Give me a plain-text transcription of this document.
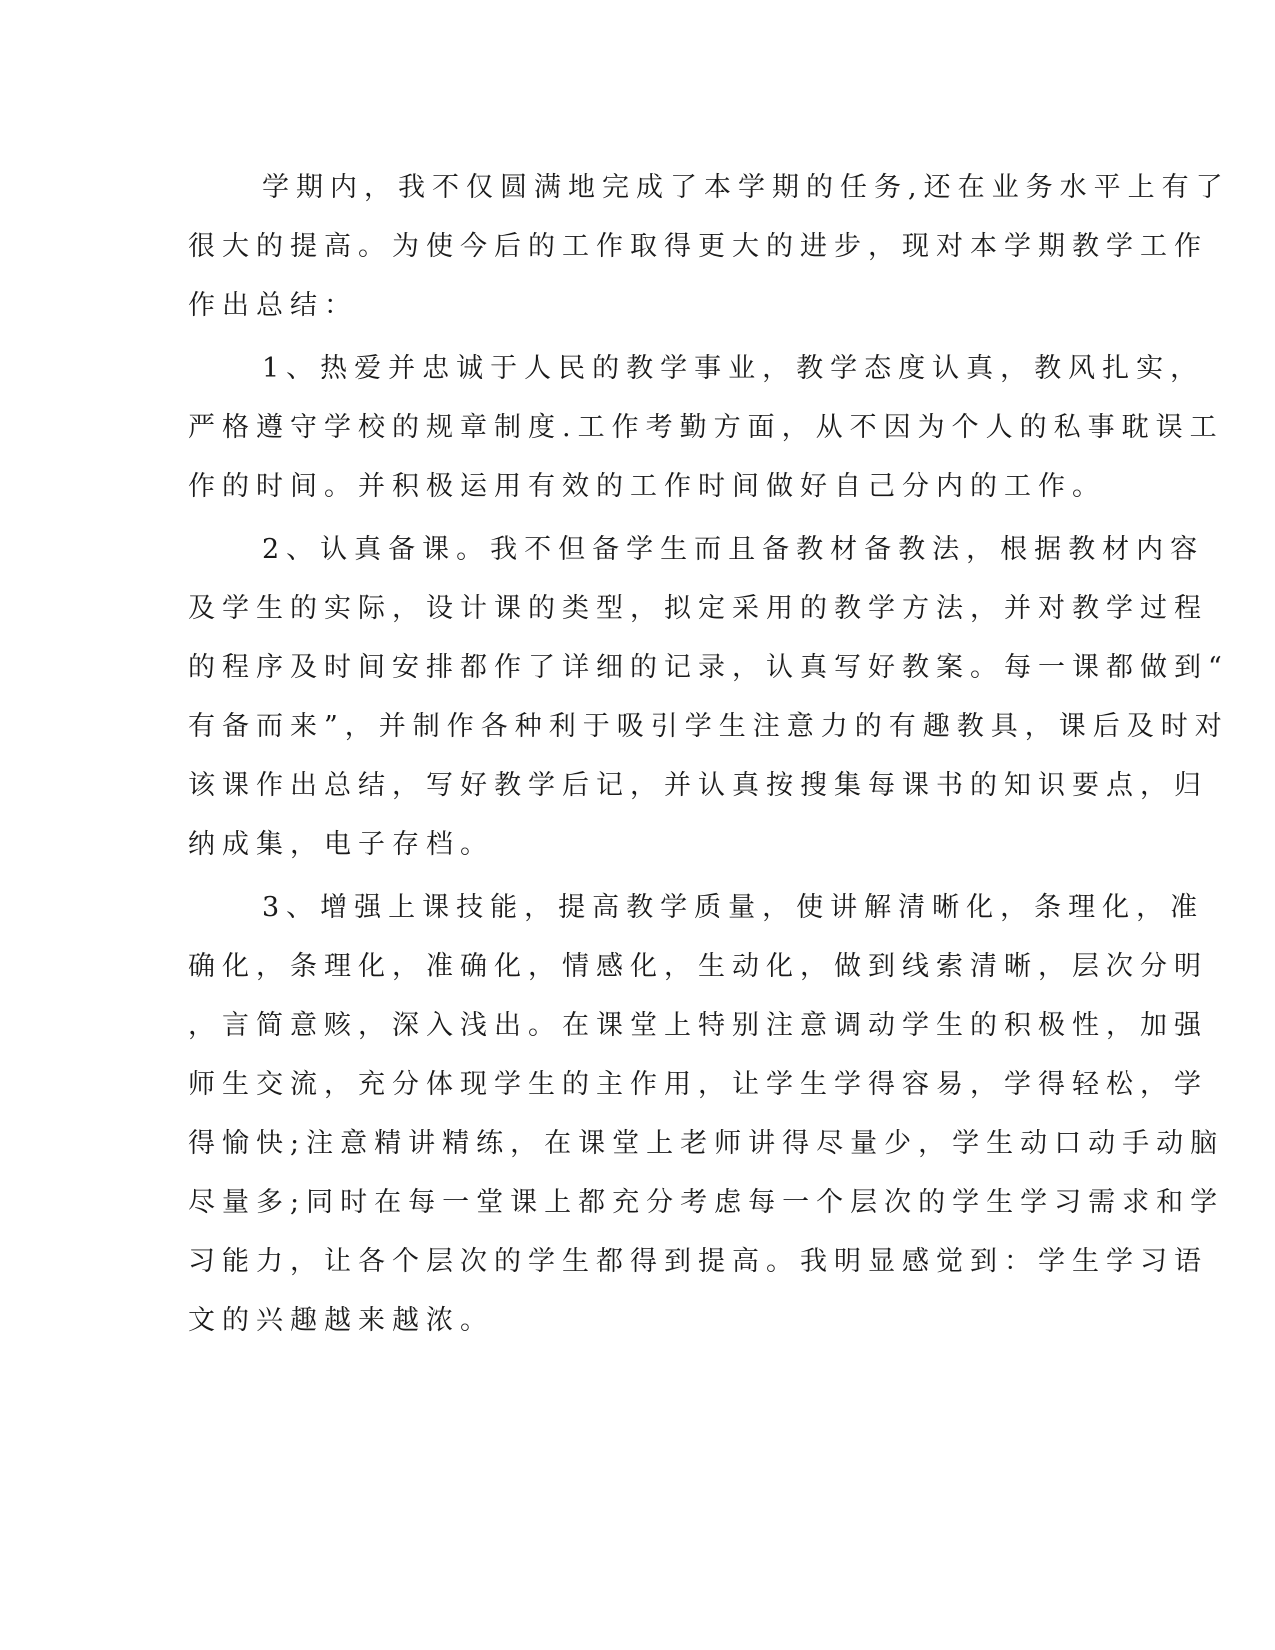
学期内，我不仅圆满地完成了本学期的任务,还在业务水平上有了
很大的提高。为使今后的工作取得更大的进步，现对本学期教学工作
作出总结：
1、热爱并忠诚于人民的教学事业，教学态度认真，教风扎实，
严格遵守学校的规章制度.工作考勤方面，从不因为个人的私事耽误工
作的时间。并积极运用有效的工作时间做好自己分内的工作。
2、认真备课。我不但备学生而且备教材备教法，根据教材内容
及学生的实际，设计课的类型，拟定采用的教学方法，并对教学过程
的程序及时间安排都作了详细的记录，认真写好教案。每一课都做到“
有备而来”，并制作各种利于吸引学生注意力的有趣教具，课后及时对
该课作出总结，写好教学后记，并认真按搜集每课书的知识要点，归
纳成集，电子存档。
3、增强上课技能，提高教学质量，使讲解清晰化，条理化，准
确化，条理化，准确化，情感化，生动化，做到线索清晰，层次分明
，言简意赅，深入浅出。在课堂上特别注意调动学生的积极性，加强
师生交流，充分体现学生的主作用，让学生学得容易，学得轻松，学
得愉快;注意精讲精练，在课堂上老师讲得尽量少，学生动口动手动脑
尽量多;同时在每一堂课上都充分考虑每一个层次的学生学习需求和学
习能力，让各个层次的学生都得到提高。我明显感觉到：学生学习语
文的兴趣越来越浓。
